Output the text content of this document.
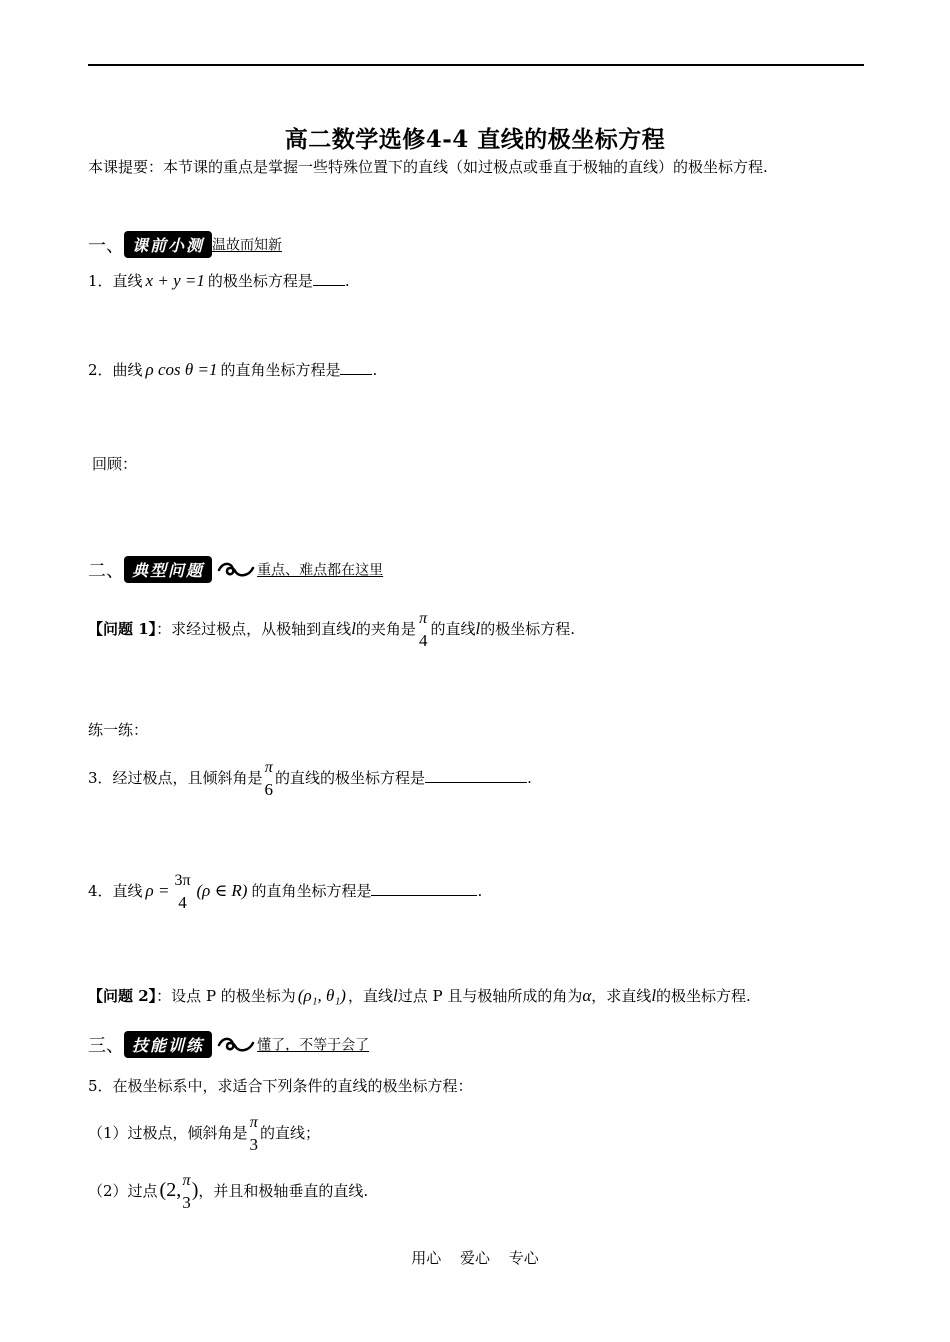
高二数学选修4-4 直线的极坐标方程
本课提要：本节课的重点是掌握一些特殊位置下的直线（如过极点或垂直于极轴的直线）的极坐标方程.
一、 课前小测 温故而知新
1．直线 x + y =1 的极坐标方程是 .
2．曲线 ρ cos θ =1 的直角坐标方程是 .
回顾：
二、 典型问题	重点、难点都在这里
【问题 1】：求经过极点，从极轴到直线l的夹角是
π
4
的直线l的极坐标方程.
练一练：
3．经过极点，且倾斜角是
π
6
的直线的极坐标方程是	.
4．直线 ρ =
3π
4
(ρ ∈ R) 的直角坐标方程是	.
【问题 2】：设点 P 的极坐标为 (ρ₁, θ₁) ，直线l过点 P 且与极轴所成的角为α，求直线l的极坐标方程.
三、 技能训练	懂了，不等于会了
5．在极坐标系中，求适合下列条件的直线的极坐标方程：
（1）过极点，倾斜角是
π
3
的直线；
（2）过点 (2, π
3
)，并且和极轴垂直的直线.
用心 爱心 专心
